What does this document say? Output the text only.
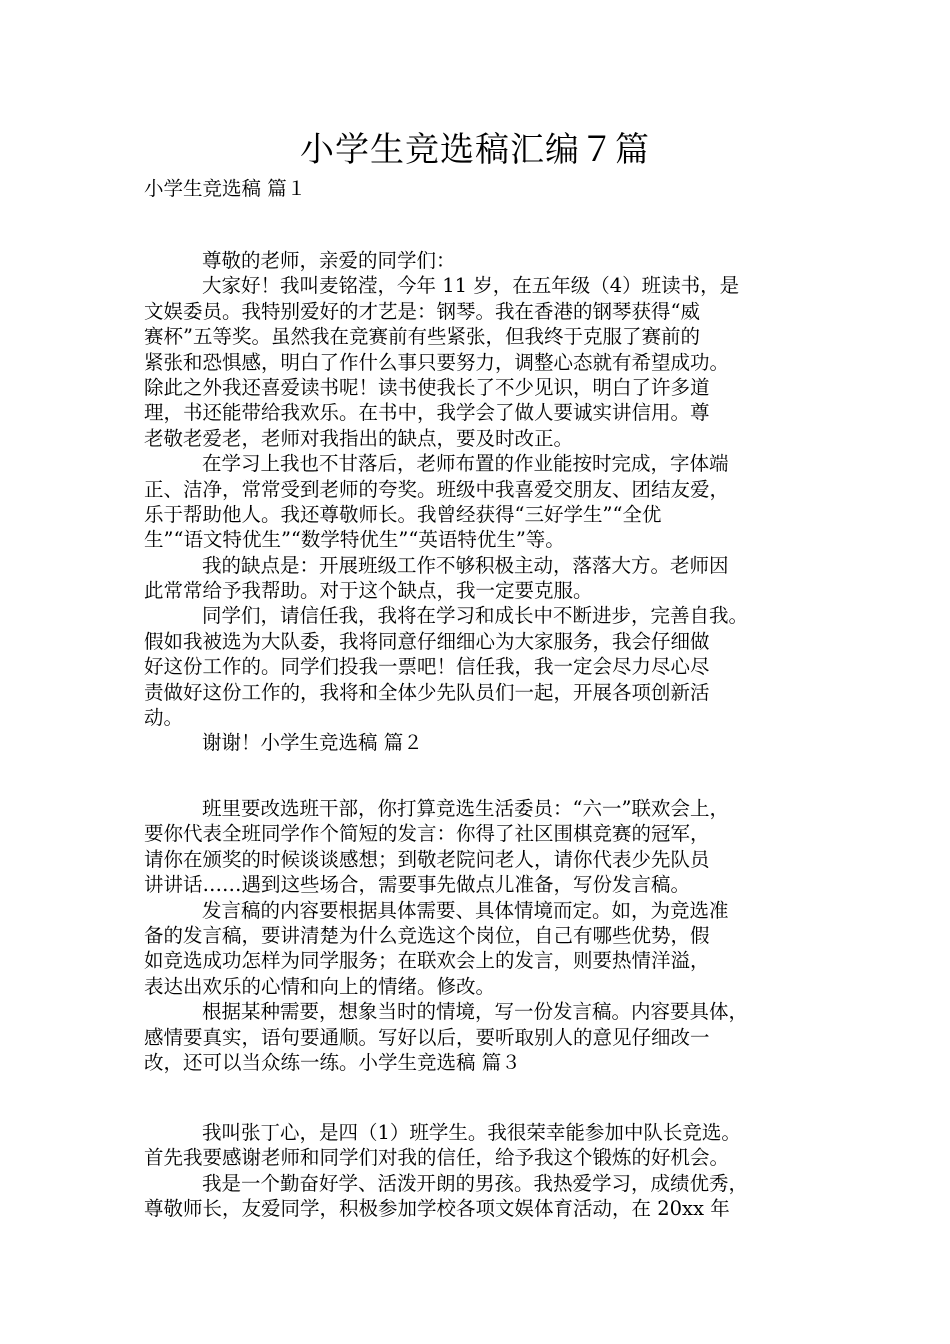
小学生竞选稿汇编７篇
小学生竞选稿 篇１
尊敬的老师，亲爱的同学们：
大家好！我叫麦铭滢，今年 11 岁，在五年级（4）班读书，是
文娱委员。我特别爱好的才艺是：钢琴。我在香港的钢琴获得“威
赛杯”五等奖。虽然我在竞赛前有些紧张，但我终于克服了赛前的
紧张和恐惧感，明白了作什么事只要努力，调整心态就有希望成功。
除此之外我还喜爱读书呢！读书使我长了不少见识，明白了许多道
理，书还能带给我欢乐。在书中，我学会了做人要诚实讲信用。尊
老敬老爱老，老师对我指出的缺点，要及时改正。
在学习上我也不甘落后，老师布置的作业能按时完成，字体端
正、洁净，常常受到老师的夸奖。班级中我喜爱交朋友、团结友爱，
乐于帮助他人。我还尊敬师长。我曾经获得“三好学生”“全优
生”“语文特优生”“数学特优生”“英语特优生”等。
我的缺点是：开展班级工作不够积极主动，落落大方。老师因
此常常给予我帮助。对于这个缺点，我一定要克服。
同学们，请信任我，我将在学习和成长中不断进步，完善自我。
假如我被选为大队委，我将同意仔细细心为大家服务，我会仔细做
好这份工作的。同学们投我一票吧！信任我，我一定会尽力尽心尽
责做好这份工作的，我将和全体少先队员们一起，开展各项创新活
动。
谢谢！小学生竞选稿 篇２
班里要改选班干部，你打算竞选生活委员：“六一”联欢会上，
要你代表全班同学作个简短的发言：你得了社区围棋竞赛的冠军，
请你在颁奖的时候谈谈感想；到敬老院问老人，请你代表少先队员
讲讲话……遇到这些场合，需要事先做点儿准备，写份发言稿。
发言稿的内容要根据具体需要、具体情境而定。如，为竞选准
备的发言稿，要讲清楚为什么竞选这个岗位，自己有哪些优势，假
如竞选成功怎样为同学服务；在联欢会上的发言，则要热情洋溢，
表达出欢乐的心情和向上的情绪。修改。
根据某种需要，想象当时的情境，写一份发言稿。内容要具体，
感情要真实，语句要通顺。写好以后，要听取别人的意见仔细改一
改，还可以当众练一练。小学生竞选稿 篇３
我叫张丁心，是四（1）班学生。我很荣幸能参加中队长竞选。
首先我要感谢老师和同学们对我的信任，给予我这个锻炼的好机会。
我是一个勤奋好学、活泼开朗的男孩。我热爱学习，成绩优秀，
尊敬师长，友爱同学，积极参加学校各项文娱体育活动，在 20xx 年
